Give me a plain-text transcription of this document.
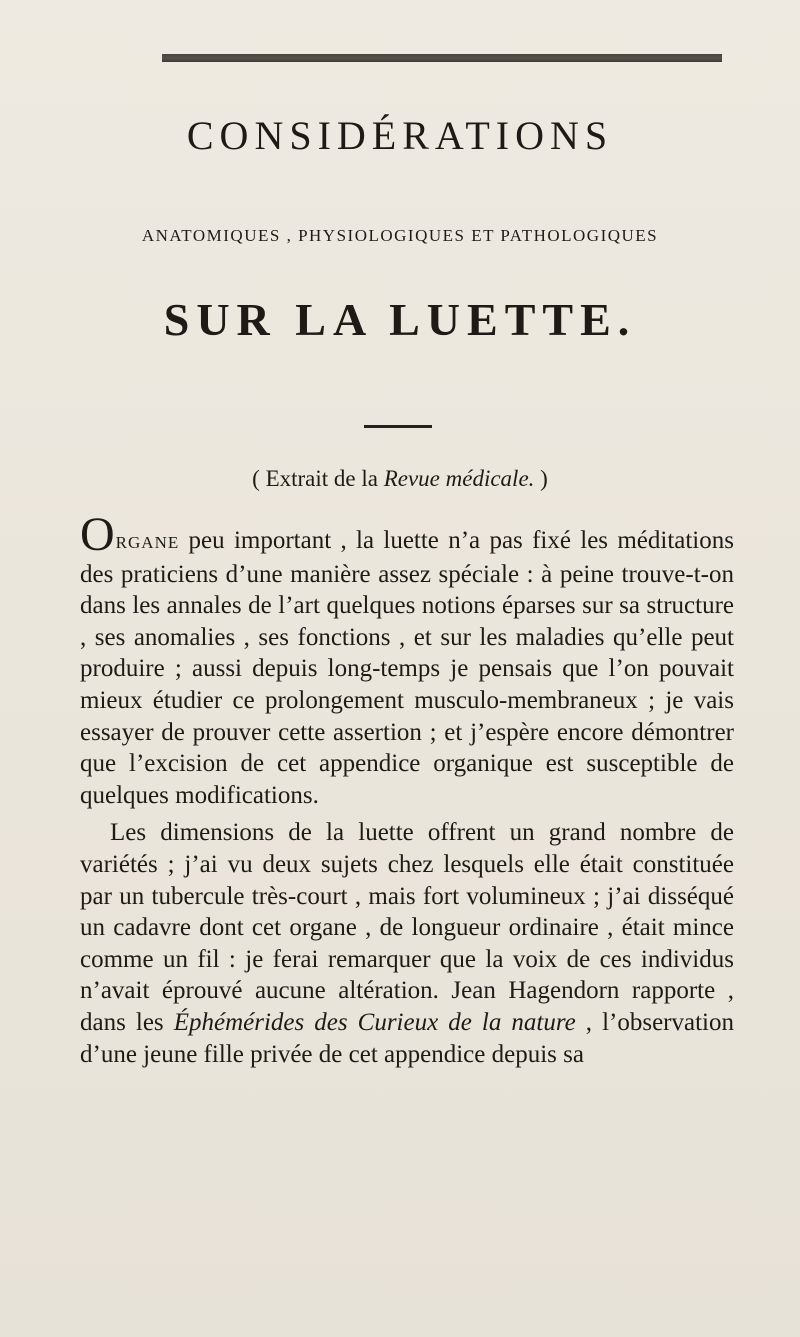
CONSIDÉRATIONS
ANATOMIQUES , PHYSIOLOGIQUES ET PATHOLOGIQUES
SUR LA LUETTE.
( Extrait de la Revue médicale. )

ORGANE peu important , la luette n’a pas fixé les méditations des praticiens d’une manière assez spéciale : à peine trouve-t-on dans les annales de l’art quelques notions éparses sur sa structure , ses anomalies , ses fonctions , et sur les maladies qu’elle peut produire ; aussi depuis long-temps je pensais que l’on pouvait mieux étudier ce prolongement musculo-membraneux ; je vais essayer de prouver cette assertion ; et j’espère encore démontrer que l’excision de cet appendice organique est susceptible de quelques modifications.

Les dimensions de la luette offrent un grand nombre de variétés ; j’ai vu deux sujets chez lesquels elle était constituée par un tubercule très-court , mais fort volumineux ; j’ai disséqué un cadavre dont cet organe , de longueur ordinaire , était mince comme un fil : je ferai remarquer que la voix de ces individus n’avait éprouvé aucune altération. Jean Hagendorn rapporte , dans les Éphémérides des Curieux de la nature , l’observation d’une jeune fille privée de cet appendice depuis sa
